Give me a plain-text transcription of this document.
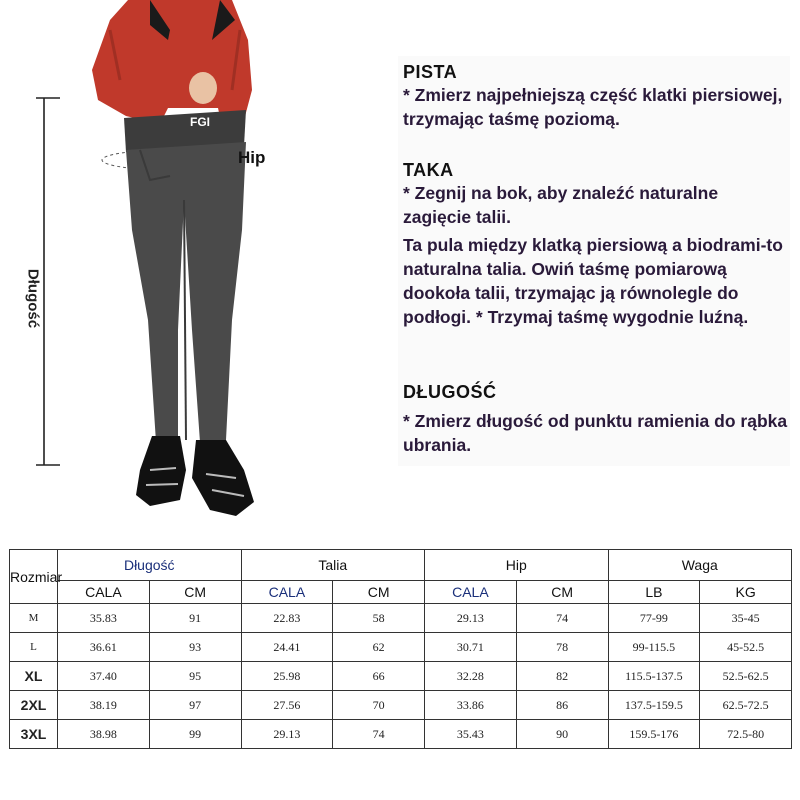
Długość
FGI
Hip
PISTA
* Zmierz najpełniejszą część klatki piersiowej, trzymając taśmę poziomą.
TAKA
* Zegnij na bok, aby znaleźć naturalne zagięcie talii.
Ta pula między klatką piersiową a biodrami-to naturalna talia. Owiń taśmę pomiarową dookoła talii, trzymając ją równolegle do podłogi. * Trzymaj taśmę wygodnie luźną.
DŁUGOŚĆ
* Zmierz długość od punktu ramienia do rąbka ubrania.
Rozmiar	Długość		Talia		Hip		Waga	
	CALA	CM	CALA	CM	CALA	CM	LB	KG
M	35.83	91	22.83	58	29.13	74	77-99	35-45
L	36.61	93	24.41	62	30.71	78	99-115.5	45-52.5
XL	37.40	95	25.98	66	32.28	82	115.5-137.5	52.5-62.5
2XL	38.19	97	27.56	70	33.86	86	137.5-159.5	62.5-72.5
3XL	38.98	99	29.13	74	35.43	90	159.5-176	72.5-80
